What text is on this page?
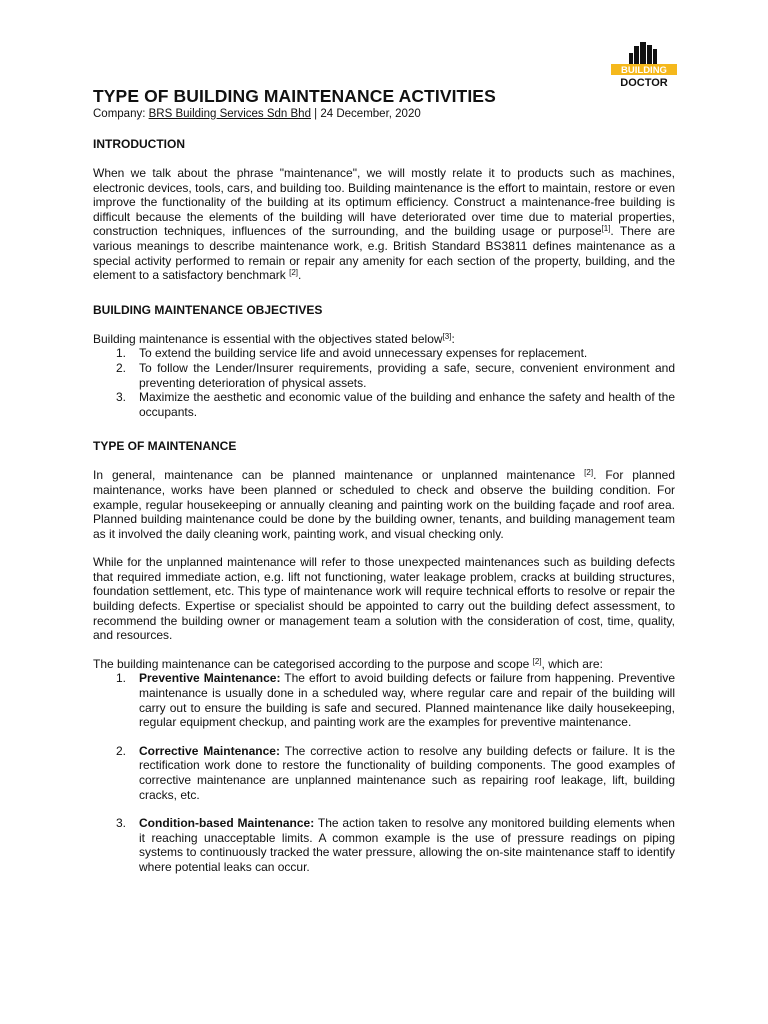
BUILDING
DOCTOR
TYPE OF BUILDING MAINTENANCE ACTIVITIES
Company: BRS Building Services Sdn Bhd | 24 December, 2020
INTRODUCTION

When we talk about the phrase "maintenance", we will mostly relate it to products such as machines, electronic devices, tools, cars, and building too. Building maintenance is the effort to maintain, restore or even improve the functionality of the building at its optimum efficiency. Construct a maintenance-free building is difficult because the elements of the building will have deteriorated over time due to material properties, construction techniques, influences of the surrounding, and the building usage or purpose[1]. There are various meanings to describe maintenance work, e.g. British Standard BS3811 defines maintenance as a special activity performed to remain or repair any amenity for each section of the property, building, and the element to a satisfactory benchmark [2].

BUILDING MAINTENANCE OBJECTIVES

Building maintenance is essential with the objectives stated below[3]:

1. To extend the building service life and avoid unnecessary expenses for replacement.
2. To follow the Lender/Insurer requirements, providing a safe, secure, convenient environment and preventing deterioration of physical assets.
3. Maximize the aesthetic and economic value of the building and enhance the safety and health of the occupants.
TYPE OF MAINTENANCE

In general, maintenance can be planned maintenance or unplanned maintenance [2]. For planned maintenance, works have been planned or scheduled to check and observe the building condition. For example, regular housekeeping or annually cleaning and painting work on the building façade and roof area. Planned building maintenance could be done by the building owner, tenants, and building management team as it involved the daily cleaning work, painting work, and visual checking only.

While for the unplanned maintenance will refer to those unexpected maintenances such as building defects that required immediate action, e.g. lift not functioning, water leakage problem, cracks at building structures, foundation settlement, etc. This type of maintenance work will require technical efforts to resolve or repair the building defects. Expertise or specialist should be appointed to carry out the building defect assessment, to recommend the building owner or management team a solution with the consideration of cost, time, quality, and resources.

The building maintenance can be categorised according to the purpose and scope [2], which are:

1. Preventive Maintenance: The effort to avoid building defects or failure from happening. Preventive maintenance is usually done in a scheduled way, where regular care and repair of the building will carry out to ensure the building is safe and secured. Planned maintenance like daily housekeeping, regular equipment checkup, and painting work are the examples for preventive maintenance.
2. Corrective Maintenance: The corrective action to resolve any building defects or failure. It is the rectification work done to restore the functionality of building components. The good examples of corrective maintenance are unplanned maintenance such as repairing roof leakage, lift, building cracks, etc.
3. Condition-based Maintenance: The action taken to resolve any monitored building elements when it reaching unacceptable limits. A common example is the use of pressure readings on piping systems to continuously tracked the water pressure, allowing the on-site maintenance staff to identify where potential leaks can occur.
